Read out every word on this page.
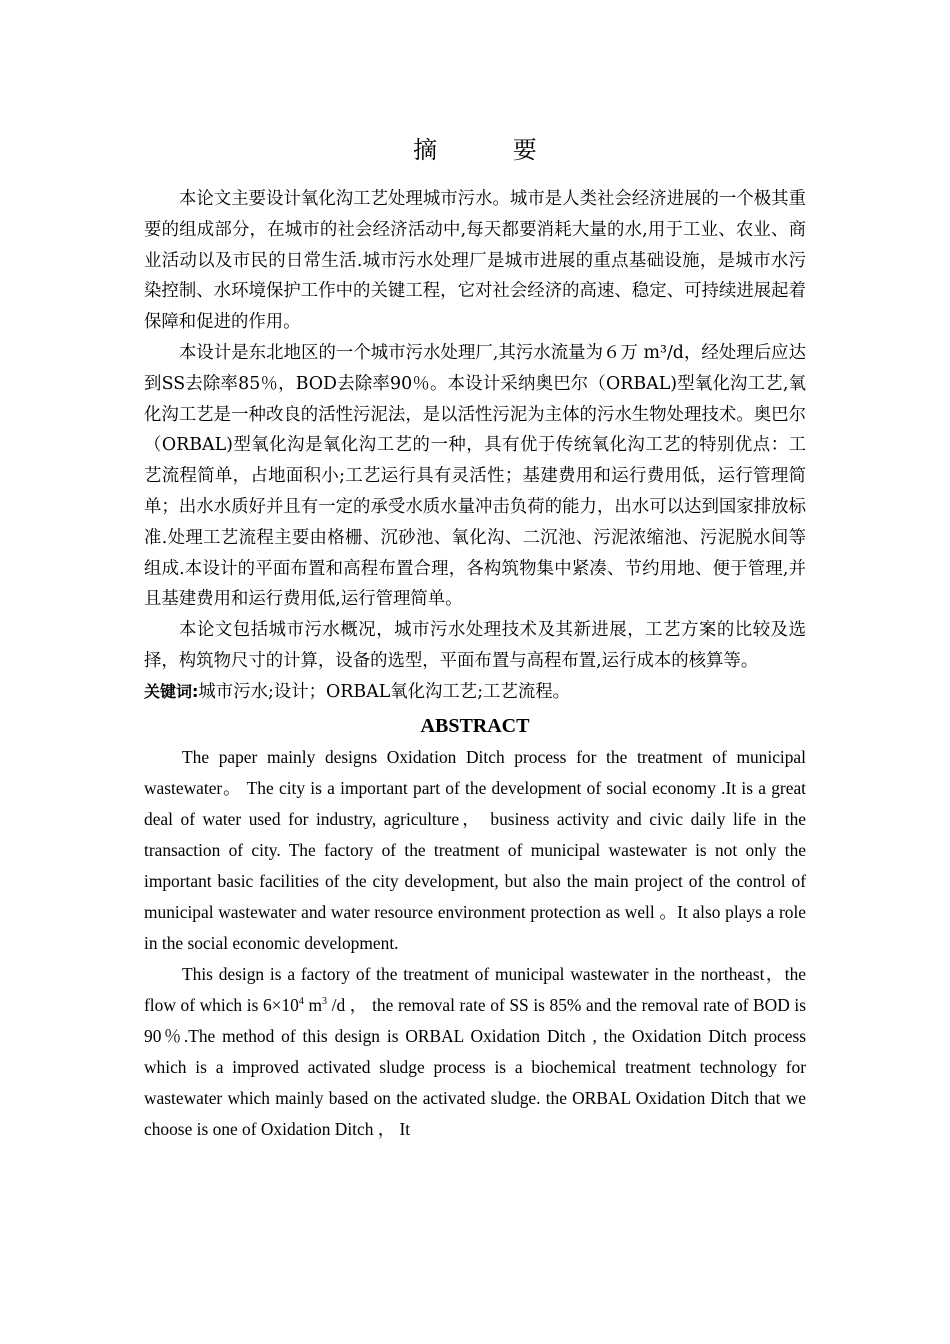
摘 要

本论文主要设计氧化沟工艺处理城市污水。城市是人类社会经济进展的一个极其重要的组成部分，在城市的社会经济活动中,每天都要消耗大量的水,用于工业、农业、商业活动以及市民的日常生活.城市污水处理厂是城市进展的重点基础设施，是城市水污染控制、水环境保护工作中的关键工程，它对社会经济的高速、稳定、可持续进展起着保障和促进的作用。

本设计是东北地区的一个城市污水处理厂,其污水流量为６万 m³/d，经处理后应达到SS去除率85％，BOD去除率90％。本设计采纳奥巴尔（ORBAL)型氧化沟工艺,氧化沟工艺是一种改良的活性污泥法，是以活性污泥为主体的污水生物处理技术。奥巴尔（ORBAL)型氧化沟是氧化沟工艺的一种，具有优于传统氧化沟工艺的特别优点：工艺流程简单，占地面积小;工艺运行具有灵活性；基建费用和运行费用低，运行管理简单；出水水质好并且有一定的承受水质水量冲击负荷的能力，出水可以达到国家排放标准.处理工艺流程主要由格栅、沉砂池、氧化沟、二沉池、污泥浓缩池、污泥脱水间等组成.本设计的平面布置和高程布置合理，各构筑物集中紧凑、节约用地、便于管理,并且基建费用和运行费用低,运行管理简单。

本论文包括城市污水概况，城市污水处理技术及其新进展，工艺方案的比较及选择，构筑物尺寸的计算，设备的选型，平面布置与高程布置,运行成本的核算等。

关键词:城市污水;设计；ORBAL氧化沟工艺;工艺流程。

ABSTRACT

The paper mainly designs Oxidation Ditch process for the treatment of municipal wastewater。 The city is a important part of the development of social economy .It is a great deal of water used for industry, agriculture， business activity and civic daily life in the transaction of city. The factory of the treatment of municipal wastewater is not only the important basic facilities of the city development, but also the main project of the control of municipal wastewater and water resource environment protection as well 。It also plays a role in the social economic development.

This design is a factory of the treatment of municipal wastewater in the northeast，the flow of which is $6\times 10^4$ $m^3$ /d ， the removal rate of SS is 85% and the removal rate of BOD is 90％.The method of this design is ORBAL Oxidation Ditch , the Oxidation Ditch process which is a improved activated sludge process is a biochemical treatment technology for wastewater which mainly based on the activated sludge. the ORBAL Oxidation Ditch that we choose is one of Oxidation Ditch ， It
